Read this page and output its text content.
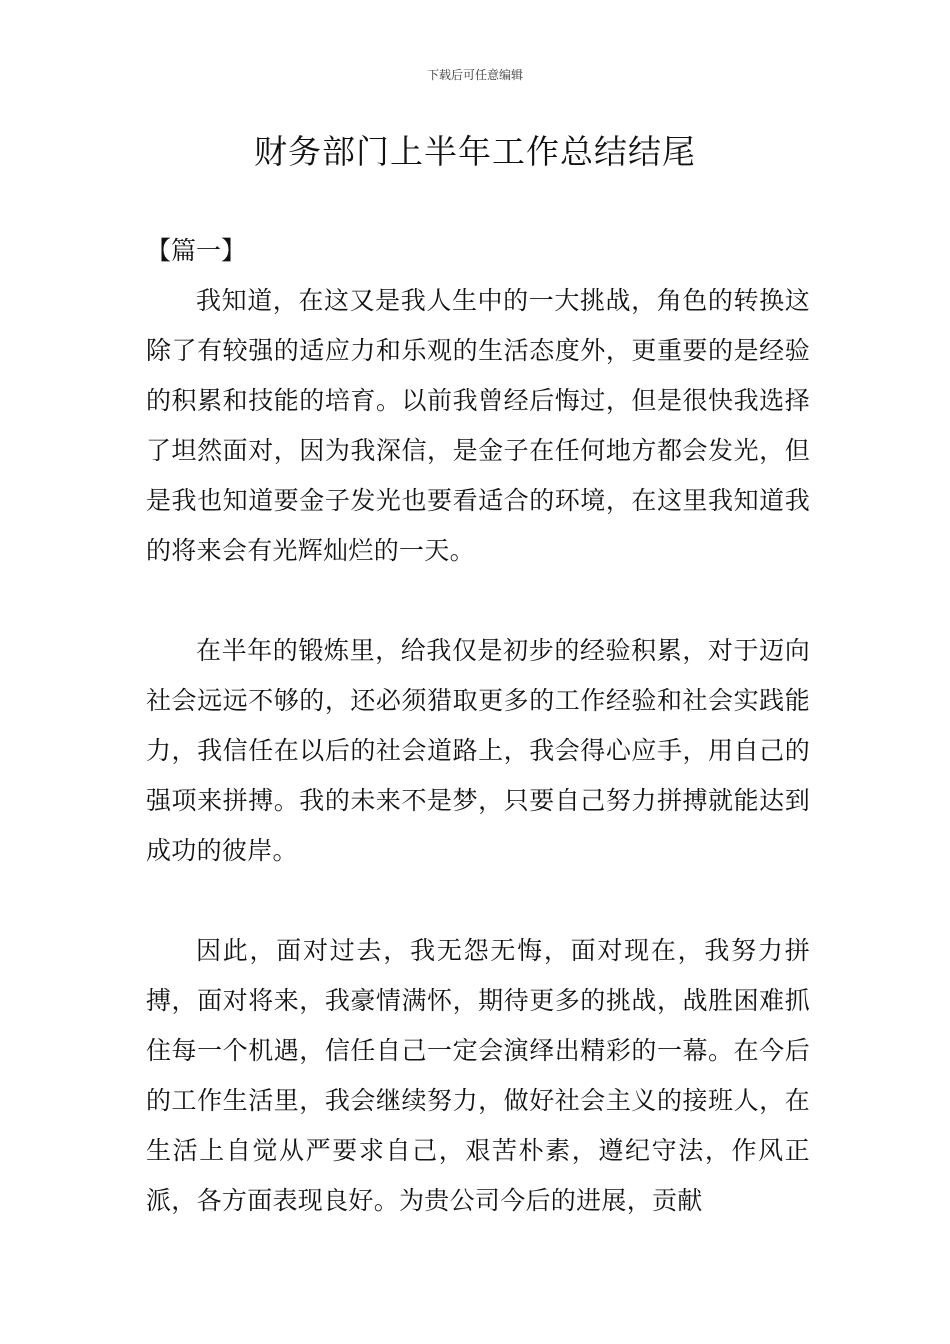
下载后可任意编辑
财务部门上半年工作总结结尾

【篇一】

我知道，在这又是我人生中的一大挑战，角色的转换这除了有较强的适应力和乐观的生活态度外，更重要的是经验的积累和技能的培育。以前我曾经后悔过，但是很快我选择了坦然面对，因为我深信，是金子在任何地方都会发光，但是我也知道要金子发光也要看适合的环境，在这里我知道我的将来会有光辉灿烂的一天。

在半年的锻炼里，给我仅是初步的经验积累，对于迈向社会远远不够的，还必须猎取更多的工作经验和社会实践能力，我信任在以后的社会道路上，我会得心应手，用自己的强项来拼搏。我的未来不是梦，只要自己努力拼搏就能达到成功的彼岸。

因此，面对过去，我无怨无悔，面对现在，我努力拼搏，面对将来，我豪情满怀，期待更多的挑战，战胜困难抓住每一个机遇，信任自己一定会演绎出精彩的一幕。在今后的工作生活里，我会继续努力，做好社会主义的接班人，在生活上自觉从严要求自己，艰苦朴素，遵纪守法，作风正派，各方面表现良好。为贵公司今后的进展，贡献
